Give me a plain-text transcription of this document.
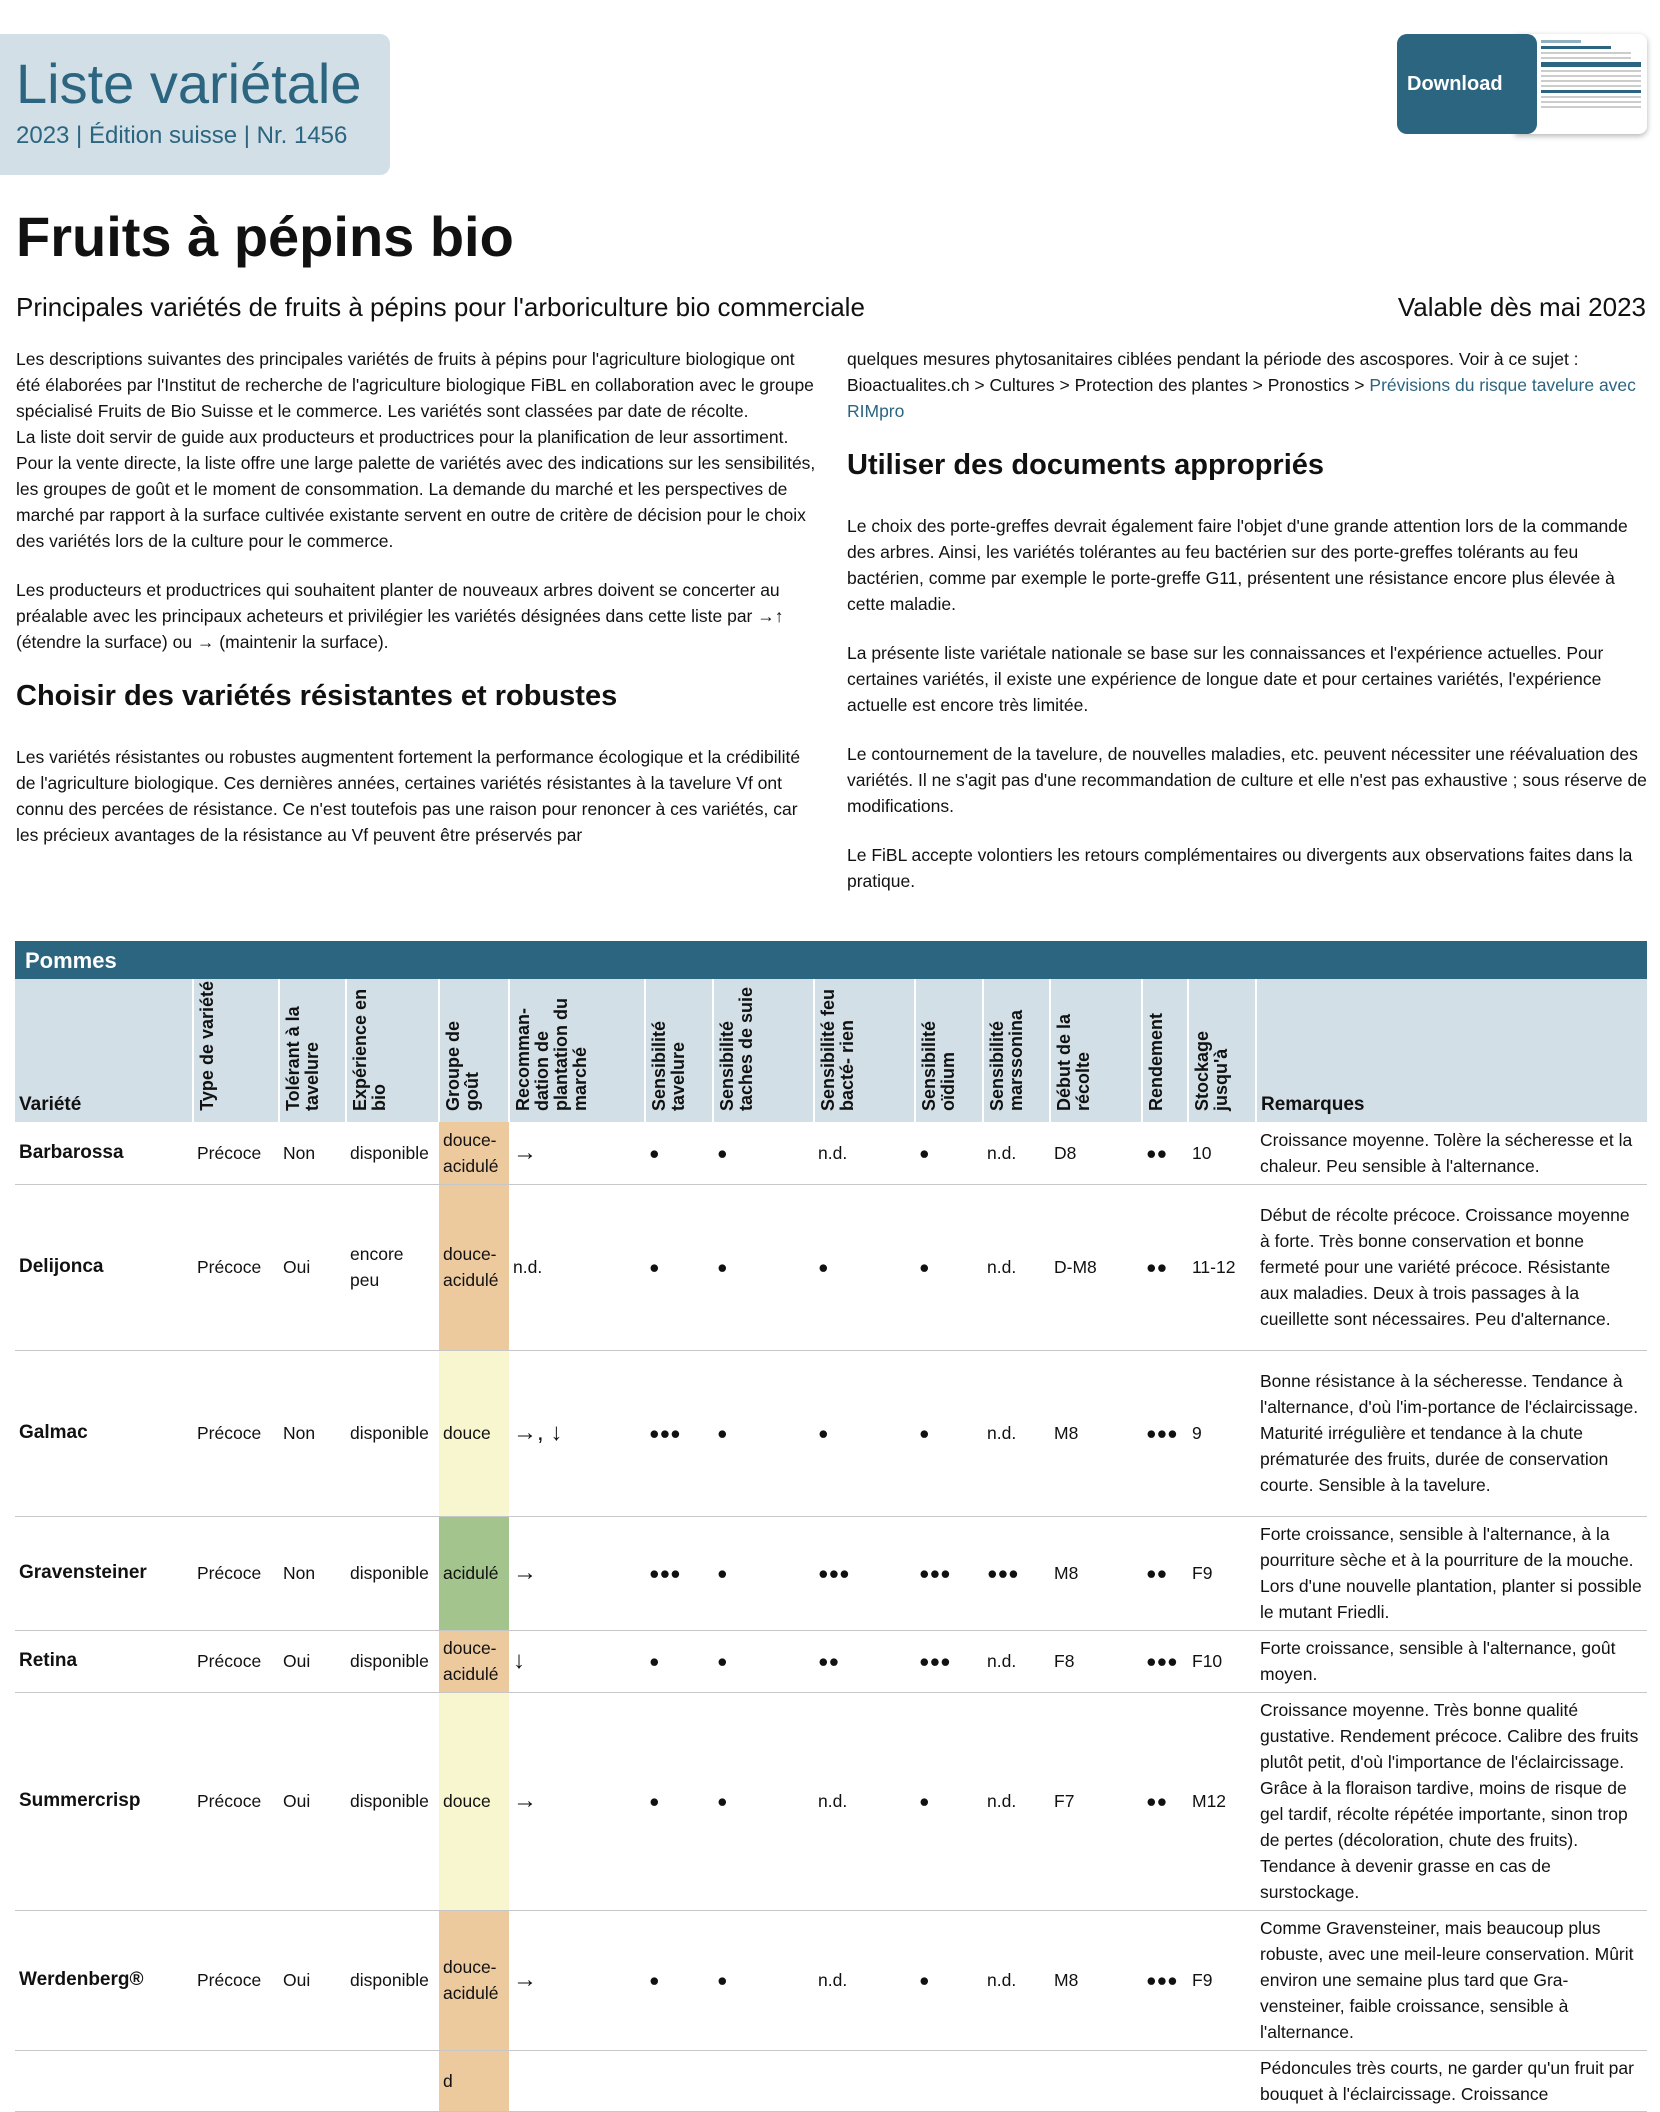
Liste variétale
2023 | Édition suisse | Nr. 1456
Download
Fruits à pépins bio
Principales variétés de fruits à pépins pour l'arboriculture bio commerciale	Valable dès mai 2023

Les descriptions suivantes des principales variétés de fruits à pépins pour l'agriculture biologique ont été élaborées par l'Institut de recherche de l'agriculture biologique FiBL en collaboration avec le groupe spécialisé Fruits de Bio Suisse et le commerce. Les variétés sont classées par date de récolte.
La liste doit servir de guide aux producteurs et productrices pour la planification de leur assortiment. Pour la vente directe, la liste offre une large palette de variétés avec des indications sur les sensibilités, les groupes de goût et le moment de consommation. La demande du marché et les perspectives de marché par rapport à la surface cultivée existante servent en outre de critère de décision pour le choix des variétés lors de la culture pour le commerce.

Les producteurs et productrices qui souhaitent planter de nouveaux arbres doivent se concerter au préalable avec les principaux acheteurs et privilégier les variétés désignées dans cette liste par →↑ (étendre la surface) ou → (maintenir la surface).

Choisir des variétés résistantes et robustes

Les variétés résistantes ou robustes augmentent fortement la performance écologique et la crédibilité de l'agriculture biologique. Ces dernières années, certaines variétés résistantes à la tavelure Vf ont connu des percées de résistance. Ce n'est toutefois pas une raison pour renoncer à ces variétés, car les précieux avantages de la résistance au Vf peuvent être préservés par

quelques mesures phytosanitaires ciblées pendant la période des ascospores. Voir à ce sujet : Bioactualites.ch > Cultures > Protection des plantes > Pronostics > Prévisions du risque tavelure avec RIMpro

Utiliser des documents appropriés

Le choix des porte-greffes devrait également faire l'objet d'une grande attention lors de la commande des arbres. Ainsi, les variétés tolérantes au feu bactérien sur des porte-greffes tolérants au feu bactérien, comme par exemple le porte-greffe G11, présentent une résistance encore plus élevée à cette maladie.

La présente liste variétale nationale se base sur les connaissances et l'expérience actuelles. Pour certaines variétés, il existe une expérience de longue date et pour certaines variétés, l'expérience actuelle est encore très limitée.

Le contournement de la tavelure, de nouvelles maladies, etc. peuvent nécessiter une réévaluation des variétés. Il ne s'agit pas d'une recommandation de culture et elle n'est pas exhaustive ; sous réserve de modifications.

Le FiBL accepte volontiers les retours complémentaires ou divergents aux observations faites dans la pratique.

Pommes
Variété	Type de variété	Tolérant à la tavelure	Expérience en bio	Groupe de goût	Recomman- dation de plantation du marché	Sensibilité tavelure	Sensibilité taches de suie	Sensibilité feu bacté- rien	Sensibilité oïdium	Sensibilité marssonina	Début de la récolte	Rendement	Stockage jusqu'à	Remarques
Barbarossa	Précoce	Non	disponible	douce-acidulé	→	●	●	n.d.	●	n.d.	D8	●●	10	Croissance moyenne. Tolère la sécheresse et la chaleur. Peu sensible à l'alternance.
Delijonca	Précoce	Oui	encore peu	douce-acidulé	n.d.	●	●	●	●	n.d.	D-M8	●●	11-12	Début de récolte précoce. Croissance moyenne à forte. Très bonne conservation et bonne fermeté pour une variété précoce. Résistante aux maladies. Deux à trois passages à la cueillette sont nécessaires. Peu d'alternance.
Galmac	Précoce	Non	disponible	douce	→, ↓	●●●	●	●	●	n.d.	M8	●●●	9	Bonne résistance à la sécheresse. Tendance à l'alternance, d'où l'im-portance de l'éclaircissage. Maturité irrégulière et tendance à la chute prématurée des fruits, durée de conservation courte. Sensible à la tavelure.
Gravensteiner	Précoce	Non	disponible	acidulé	→	●●●	●	●●●	●●●	●●●	M8	●●	F9	Forte croissance, sensible à l'alternance, à la pourriture sèche et à la pourriture de la mouche. Lors d'une nouvelle plantation, planter si possible le mutant Friedli.
Retina	Précoce	Oui	disponible	douce-acidulé	↓	●	●	●●	●●●	n.d.	F8	●●●	F10	Forte croissance, sensible à l'alternance, goût moyen.
Summercrisp	Précoce	Oui	disponible	douce	→	●	●	n.d.	●	n.d.	F7	●●	M12	Croissance moyenne. Très bonne qualité gustative. Rendement précoce. Calibre des fruits plutôt petit, d'où l'importance de l'éclaircissage. Grâce à la floraison tardive, moins de risque de gel tardif, récolte répétée importante, sinon trop de pertes (décoloration, chute des fruits). Tendance à devenir grasse en cas de surstockage.
Werdenberg®	Précoce	Oui	disponible	douce-acidulé	→	●	●	n.d.	●	n.d.	M8	●●●	F9	Comme Gravensteiner, mais beaucoup plus robuste, avec une meil-leure conservation. Mûrit environ une semaine plus tard que Gra-vensteiner, faible croissance, sensible à l'alternance.
				d										Pédoncules très courts, ne garder qu'un fruit par bouquet à l'éclaircissage. Croissance
